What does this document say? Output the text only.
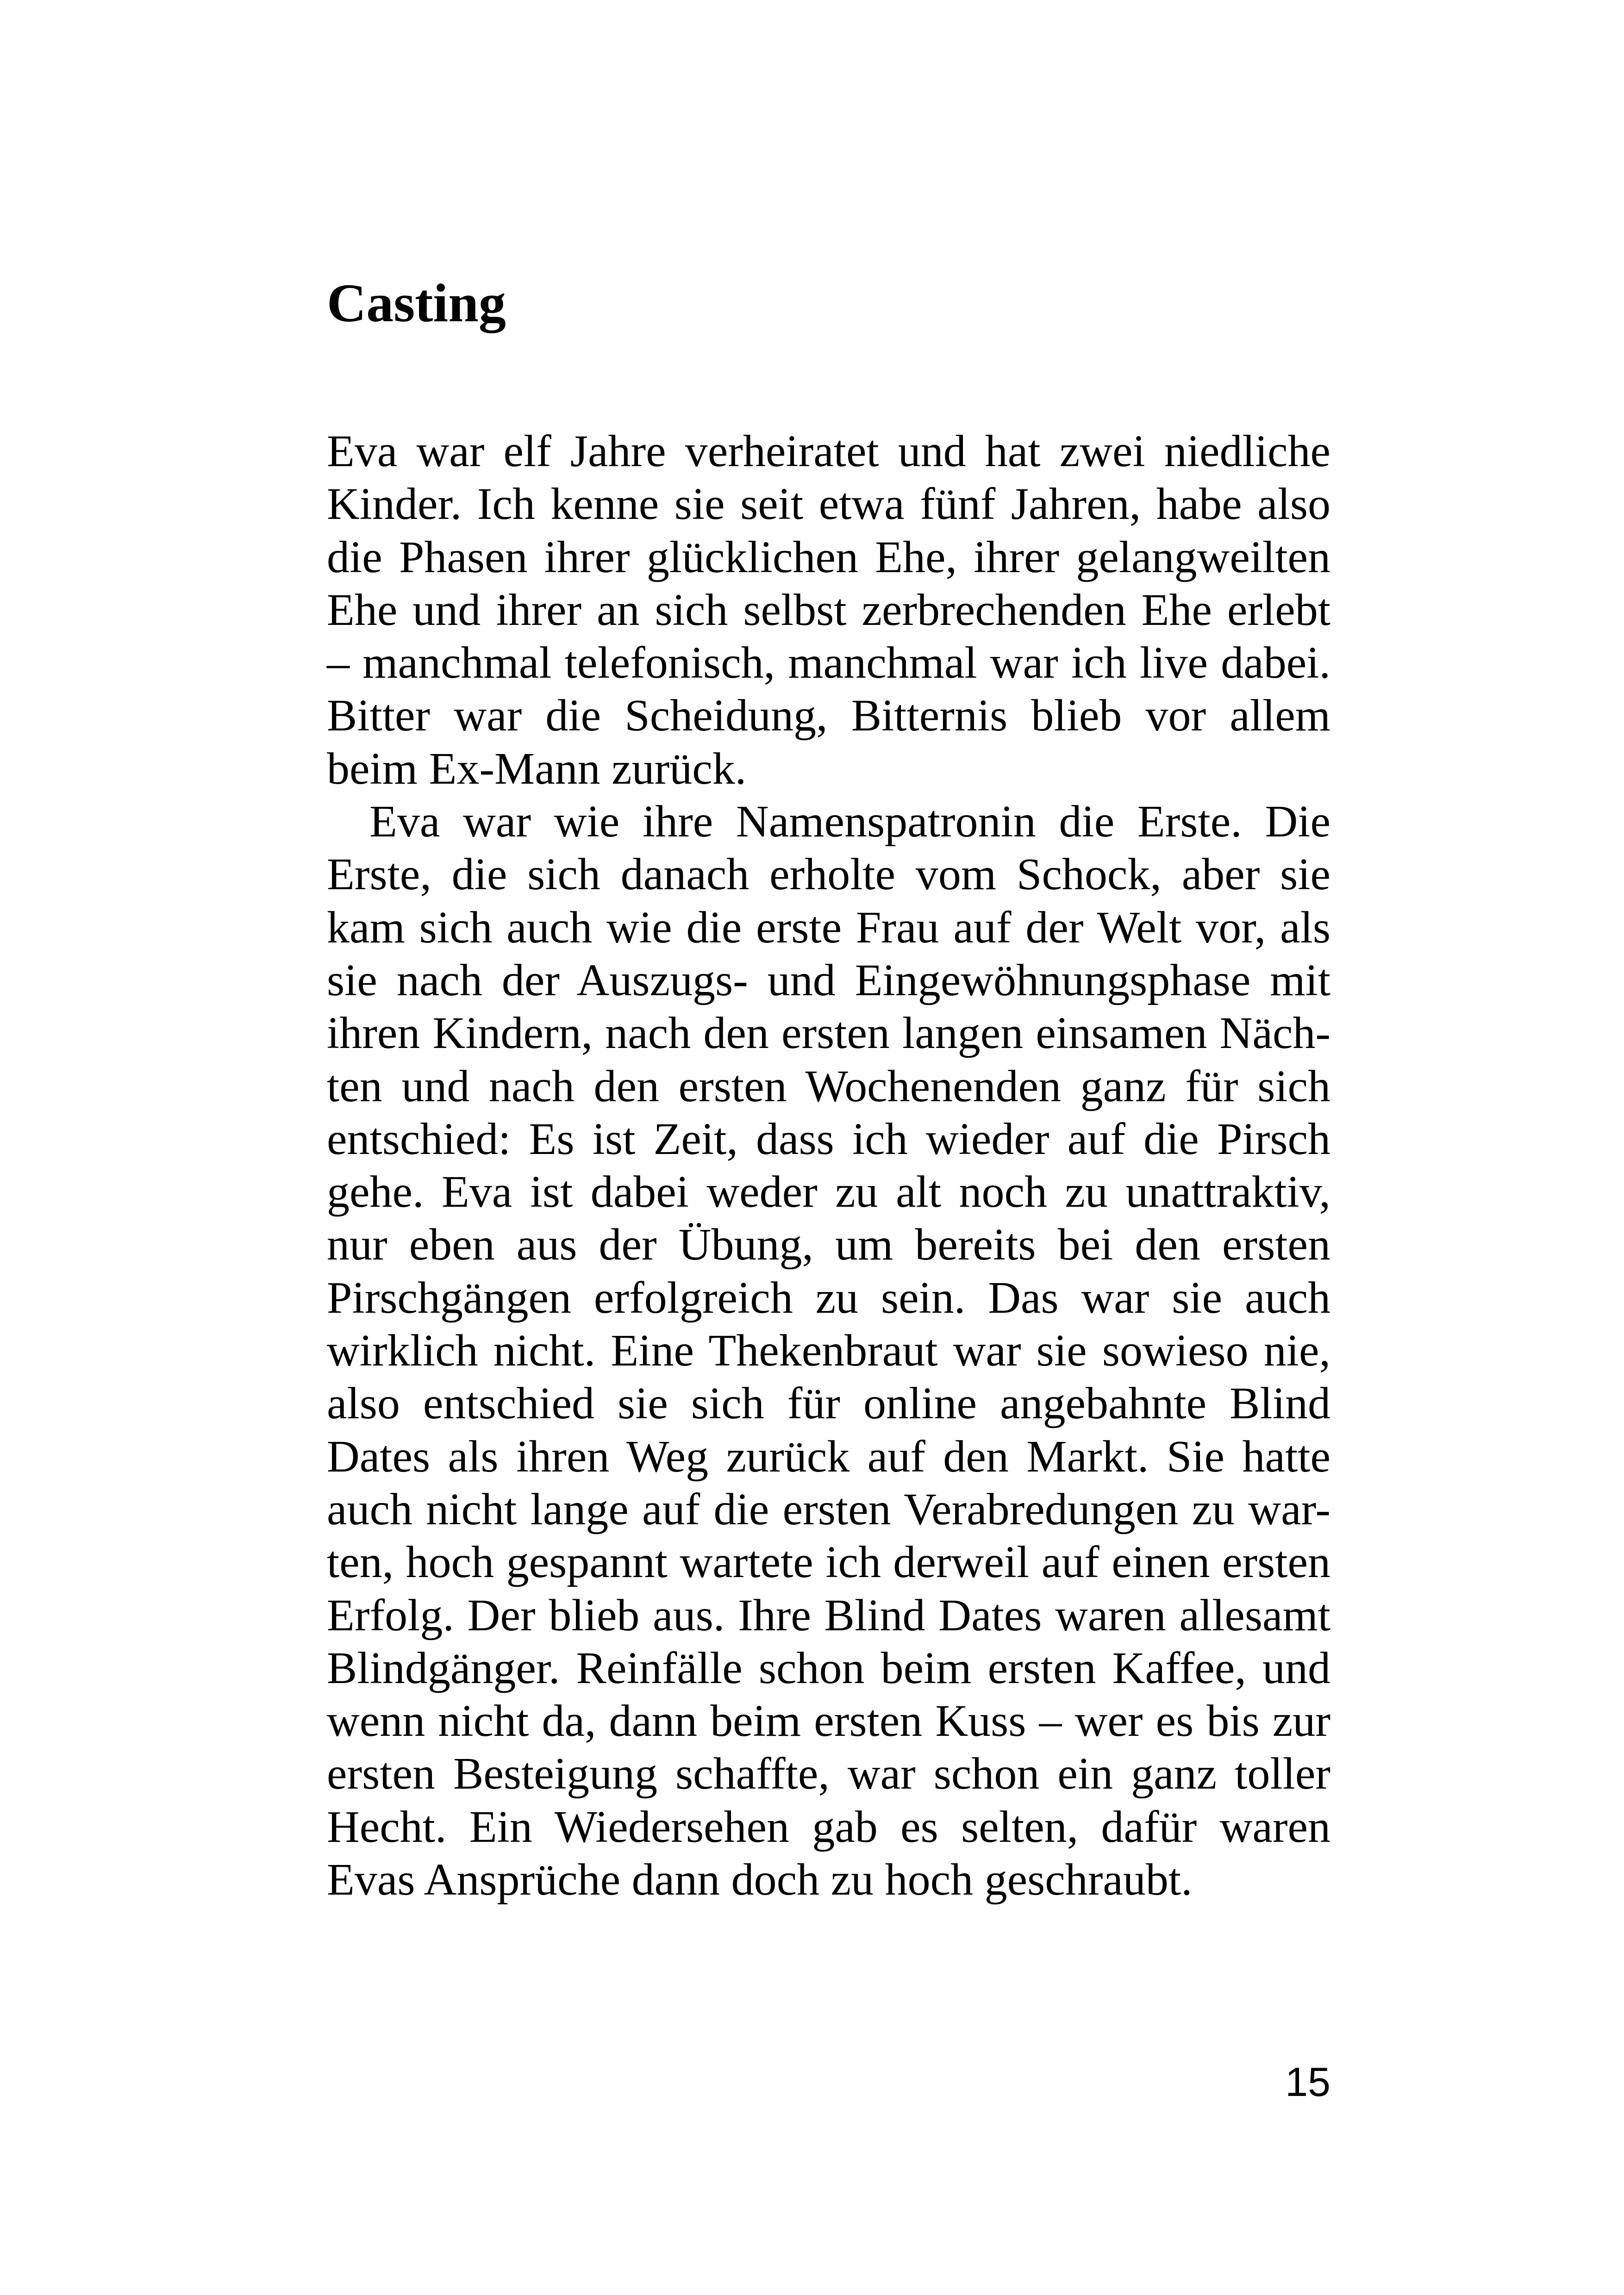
Casting
Eva war elf Jahre verheiratet und hat zwei niedliche
Kinder. Ich kenne sie seit etwa fünf Jahren, habe also
die Phasen ihrer glücklichen Ehe, ihrer gelangweilten
Ehe und ihrer an sich selbst zerbrechenden Ehe erlebt
– manchmal telefonisch, manchmal war ich live dabei.
Bitter war die Scheidung, Bitternis blieb vor allem
beim Ex-Mann zurück.
Eva war wie ihre Namenspatronin die Erste. Die
Erste, die sich danach erholte vom Schock, aber sie
kam sich auch wie die erste Frau auf der Welt vor, als
sie nach der Auszugs- und Eingewöhnungsphase mit
ihren Kindern, nach den ersten langen einsamen Näch-
ten und nach den ersten Wochenenden ganz für sich
entschied: Es ist Zeit, dass ich wieder auf die Pirsch
gehe. Eva ist dabei weder zu alt noch zu unattraktiv,
nur eben aus der Übung, um bereits bei den ersten
Pirschgängen erfolgreich zu sein. Das war sie auch
wirklich nicht. Eine Thekenbraut war sie sowieso nie,
also entschied sie sich für online angebahnte Blind
Dates als ihren Weg zurück auf den Markt. Sie hatte
auch nicht lange auf die ersten Verabredungen zu war-
ten, hoch gespannt wartete ich derweil auf einen ersten
Erfolg. Der blieb aus. Ihre Blind Dates waren allesamt
Blindgänger. Reinfälle schon beim ersten Kaffee, und
wenn nicht da, dann beim ersten Kuss – wer es bis zur
ersten Besteigung schaffte, war schon ein ganz toller
Hecht. Ein Wiedersehen gab es selten, dafür waren
Evas Ansprüche dann doch zu hoch geschraubt.
15
